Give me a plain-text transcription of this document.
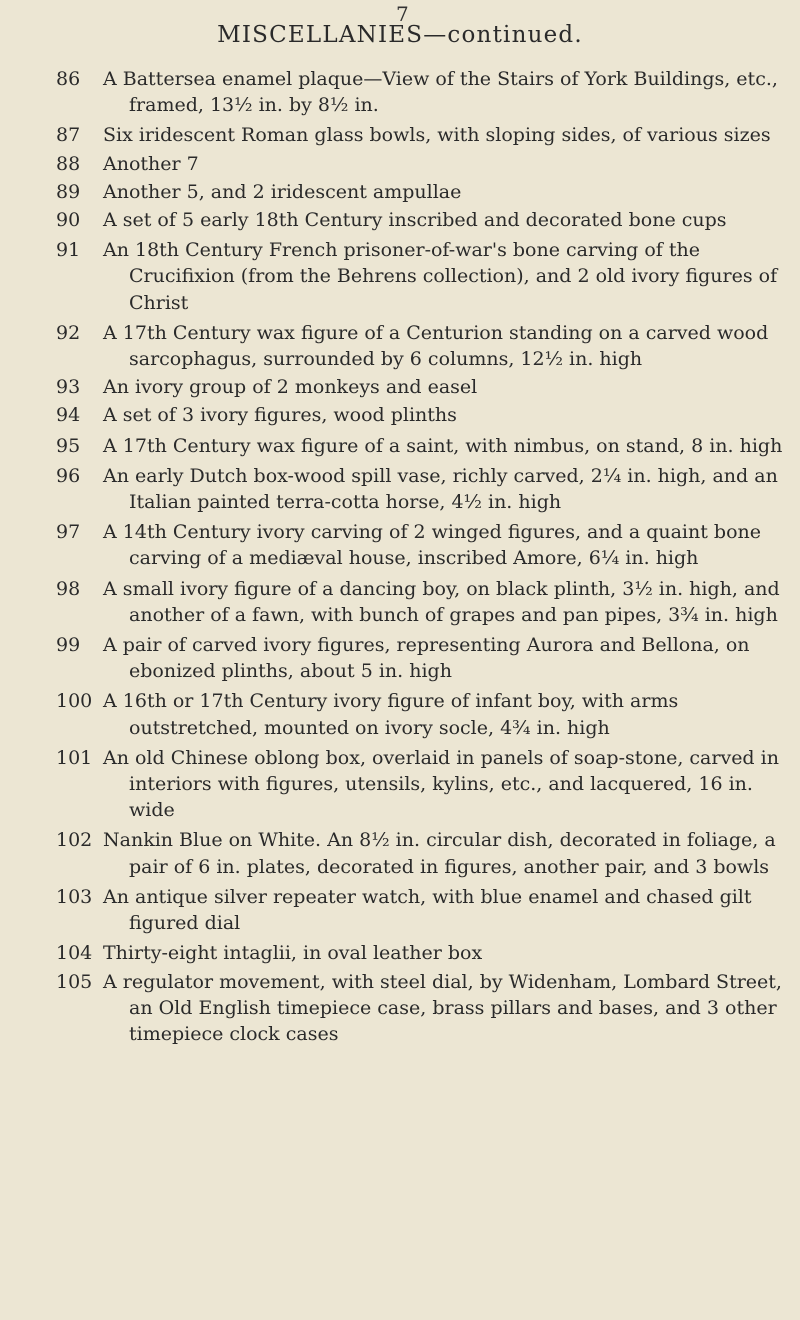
7
MISCELLANIES—continued.
86	A Battersea enamel plaque—View of the Stairs of York Buildings, etc., framed, 13½ in. by 8½ in.
87	Six iridescent Roman glass bowls, with sloping sides, of various sizes
88	Another 7
89	Another 5, and 2 iridescent ampullae
90	A set of 5 early 18th Century inscribed and decorated bone cups
91	An 18th Century French prisoner-of-war's bone carving of the Crucifixion (from the Behrens collection), and 2 old ivory figures of Christ
92	A 17th Century wax figure of a Centurion standing on a carved wood sarcophagus, surrounded by 6 columns, 12½ in. high
93	An ivory group of 2 monkeys and easel
94	A set of 3 ivory figures, wood plinths
95	A 17th Century wax figure of a saint, with nimbus, on stand, 8 in. high
96	An early Dutch box-wood spill vase, richly carved, 2¼ in. high, and an Italian painted terra-cotta horse, 4½ in. high
97	A 14th Century ivory carving of 2 winged figures, and a quaint bone carving of a mediæval house, inscribed Amore, 6¼ in. high
98	A small ivory figure of a dancing boy, on black plinth, 3½ in. high, and another of a fawn, with bunch of grapes and pan pipes, 3¾ in. high
99	A pair of carved ivory figures, representing Aurora and Bellona, on ebonized plinths, about 5 in. high
100 A 16th or 17th Century ivory figure of infant boy, with arms outstretched, mounted on ivory socle, 4¾ in. high
101 An old Chinese oblong box, overlaid in panels of soap-stone, carved in interiors with figures, utensils, kylins, etc., and lacquered, 16 in. wide
102 Nankin Blue on White. An 8½ in. circular dish, decorated in foliage, a pair of 6 in. plates, decorated in figures, another pair, and 3 bowls
103 An antique silver repeater watch, with blue enamel and chased gilt figured dial
104 Thirty-eight intaglii, in oval leather box
105 A regulator movement, with steel dial, by Widenham, Lombard Street, an Old English timepiece case, brass pillars and bases, and 3 other timepiece clock cases
